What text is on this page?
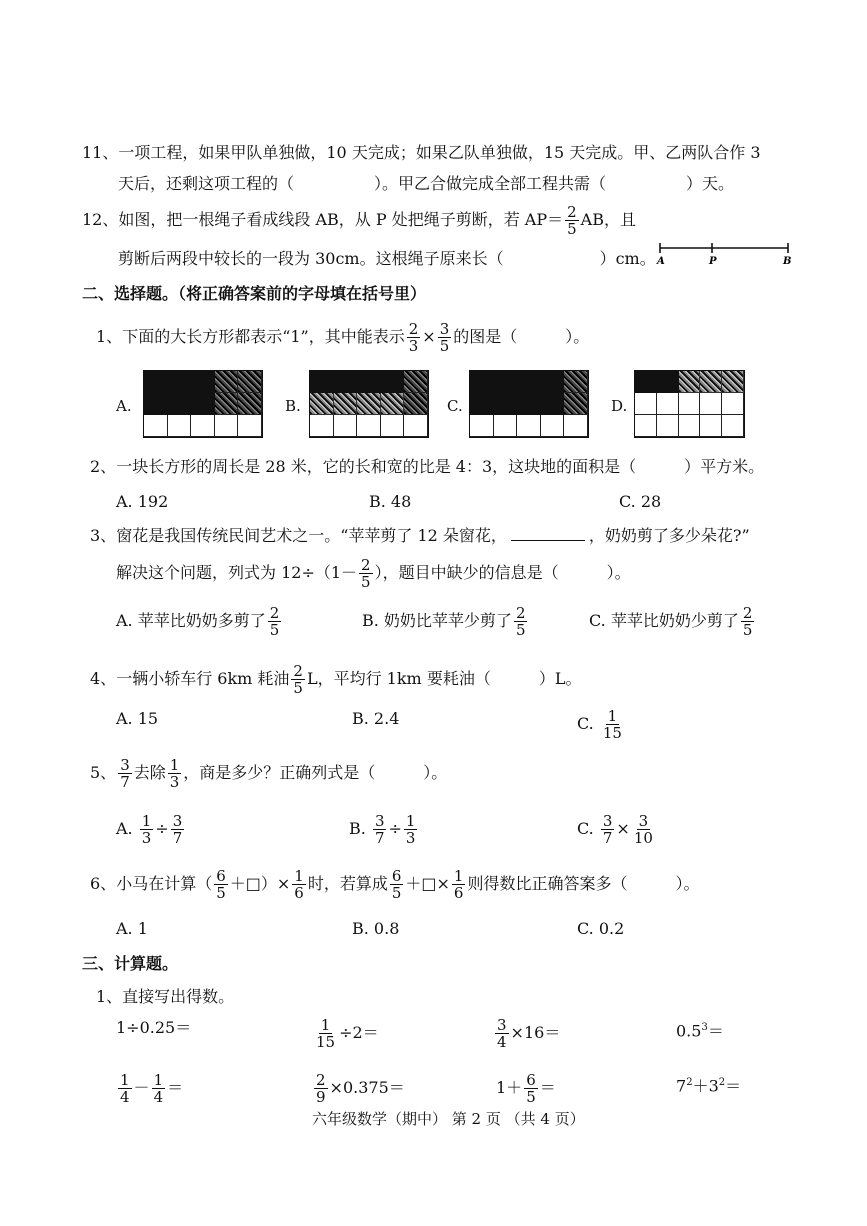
11、一项工程，如果甲队单独做，10 天完成；如果乙队单独做，15 天完成。甲、乙两队合作 3
天后，还剩这项工程的（　　　　　）。甲乙合做完成全部工程共需（　　　　　）天。
12、如图，把一根绳子看成线段 AB，从 P 处把绳子剪断，若 $AP= \frac{2}{5}$ AB，且
剪断后两段中较长的一段为 30cm。这根绳子原来长（　　　　　　）cm。 A	P	B
二、选择题。（将正确答案前的字母填在括号里）
1、下面的大长方形都表示“1”，其中能表示 $\frac{2}{3} \times \frac{3}{5}$ 的图是（　　　）。
A.	B.	C.	D.
2、一块长方形的周长是 28 米，它的长和宽的比是 4：3，这块地的面积是（　　　）平方米。
A. 192	B. 48	C. 28
3、窗花是我国传统民间艺术之一。“苹苹剪了 12 朵窗花，	，奶奶剪了多少朵花?”
解决这个问题，列式为 $12\div(1- \frac{2}{5}$ ），题目中缺少的信息是（　　　）。
A. 苹苹比奶奶多剪了 $\frac{2}{5}$	B. 奶奶比苹苹少剪了 $\frac{2}{5}$	C. 苹苹比奶奶少剪了 $\frac{2}{5}$
4、一辆小轿车行 6km 耗油 $\frac{2}{5}$ L，平均行 1km 要耗油（　　　）L。
A. 15	B. 2.4	C. $\frac{1}{15}$
5、 $\frac{3}{7}$ 去除 $\frac{1}{3}$ ，商是多少？正确列式是（　　　）。
A. $\frac{1}{3} \div \frac{3}{7}$	B. $\frac{3}{7} \div \frac{1}{3}$	C. $\frac{3}{7} \times \frac{3}{10}$
6、小马在计算（ $\frac{6}{5}$ ＋□）× $\frac{1}{6}$ 时，若算成 $\frac{6}{5}$ ＋□× $\frac{1}{6}$ 则得数比正确答案多（　　　）。
A. 1	B. 0.8	C. 0.2
三、计算题。
1、直接写出得数。
1÷0.25＝	$\frac{1}{15} \div 2=$	$\frac{3}{4} \times 16=$	$0.5^3=$
$\frac{1}{4} - \frac{1}{4}$ ＝	$\frac{2}{9} \times 0.375=$	$1+ \frac{6}{5}$ ＝	$7^2+3^2=$
六年级数学（期中） 第 2 页 （共 4 页）
